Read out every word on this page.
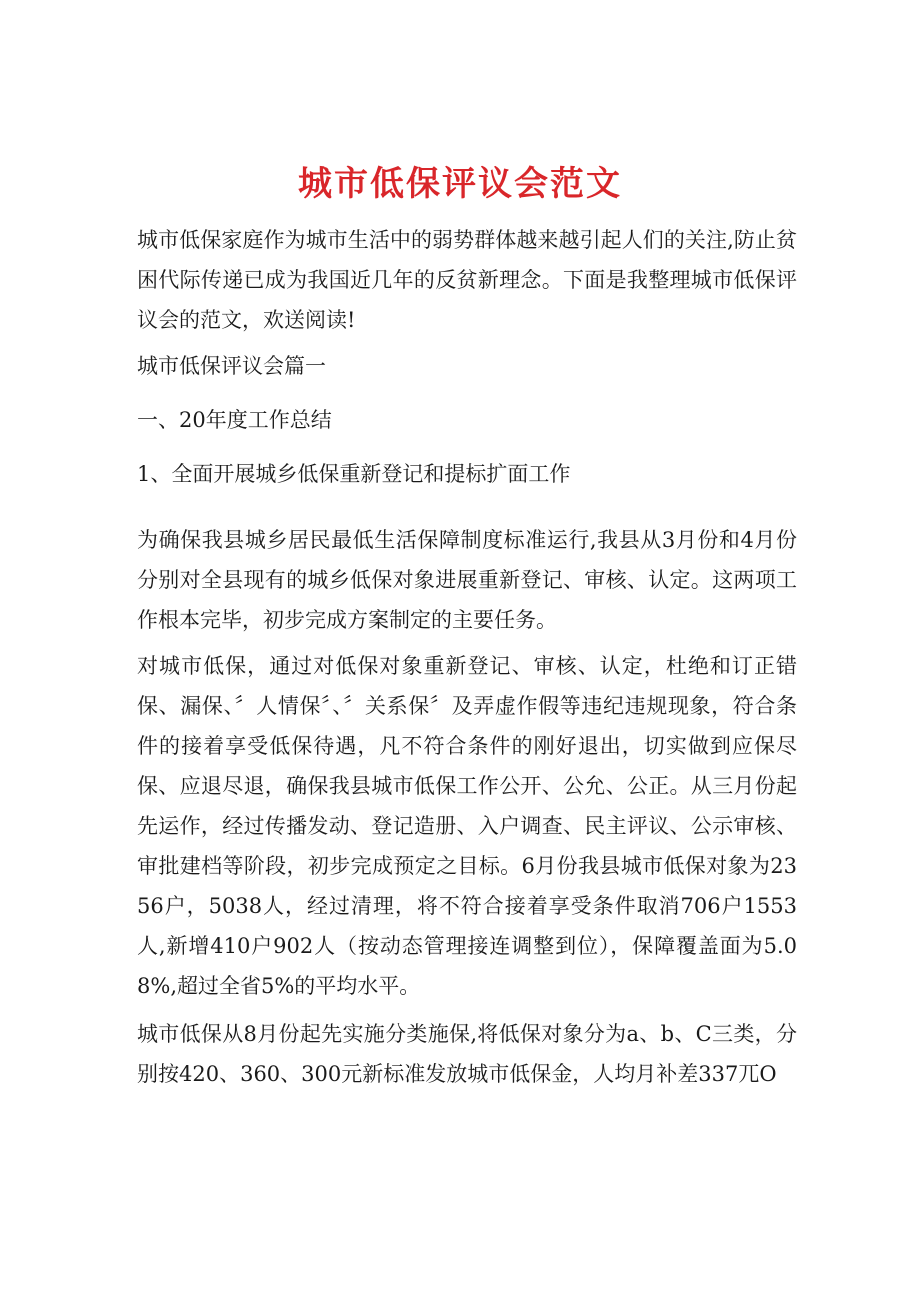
城市低保评议会范文

城市低保家庭作为城市生活中的弱势群体越来越引起人们的关注,防止贫困代际传递已成为我国近几年的反贫新理念。下面是我整理城市低保评议会的范文，欢送阅读!

城市低保评议会篇一

一、20年度工作总结

1、全面开展城乡低保重新登记和提标扩面工作

为确保我县城乡居民最低生活保障制度标准运行,我县从3月份和4月份分别对全县现有的城乡低保对象进展重新登记、审核、认定。这两项工作根本完毕，初步完成方案制定的主要任务。

对城市低保，通过对低保对象重新登记、审核、认定，杜绝和订正错保、漏保、〞人情保〞、〞关系保〞及弄虚作假等违纪违规现象，符合条件的接着享受低保待遇，凡不符合条件的刚好退出，切实做到应保尽保、应退尽退，确保我县城市低保工作公开、公允、公正。从三月份起先运作，经过传播发动、登记造册、入户调查、民主评议、公示审核、审批建档等阶段，初步完成预定之目标。6月份我县城市低保对象为2356户，5038人，经过清理，将不符合接着享受条件取消706户1553人,新增410户902人（按动态管理接连调整到位），保障覆盖面为5.08%,超过全省5%的平均水平。

城市低保从8月份起先实施分类施保,将低保对象分为a、b、C三类，分别按420、360、300元新标准发放城市低保金，人均月补差337兀O
